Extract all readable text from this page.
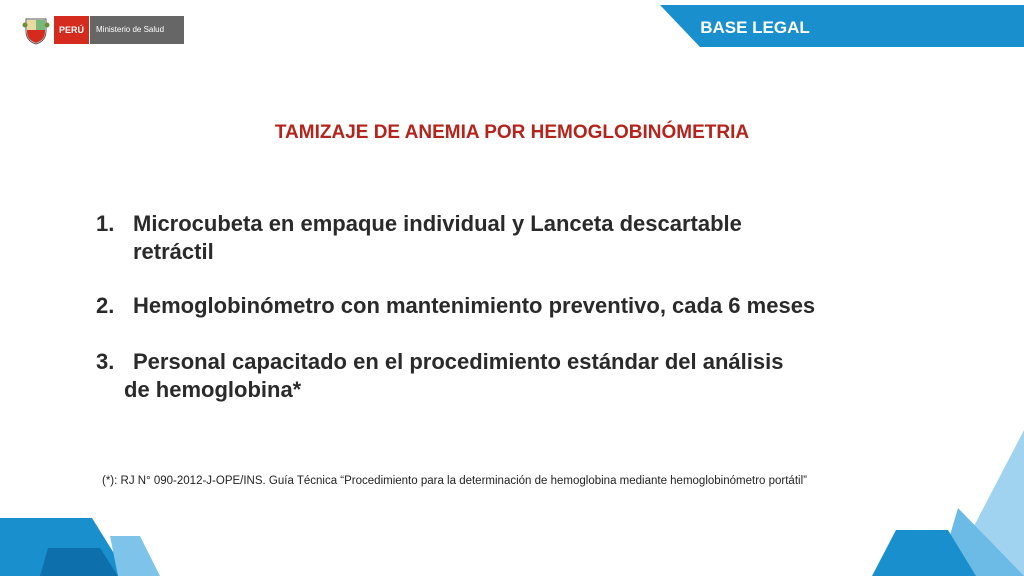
PERÚ	Ministerio de Salud	BASE LEGAL
TAMIZAJE DE ANEMIA POR HEMOGLOBINÓMETRIA
1. Microcubeta en empaque individual y Lanceta descartable
retráctil
2. Hemoglobinómetro con mantenimiento preventivo, cada 6 meses
3. Personal capacitado en el procedimiento estándar del análisis
de hemoglobina*
(*): RJ N° 090-2012-J-OPE/INS. Guía Técnica “Procedimiento para la determinación de hemoglobina mediante hemoglobinómetro portátil”
